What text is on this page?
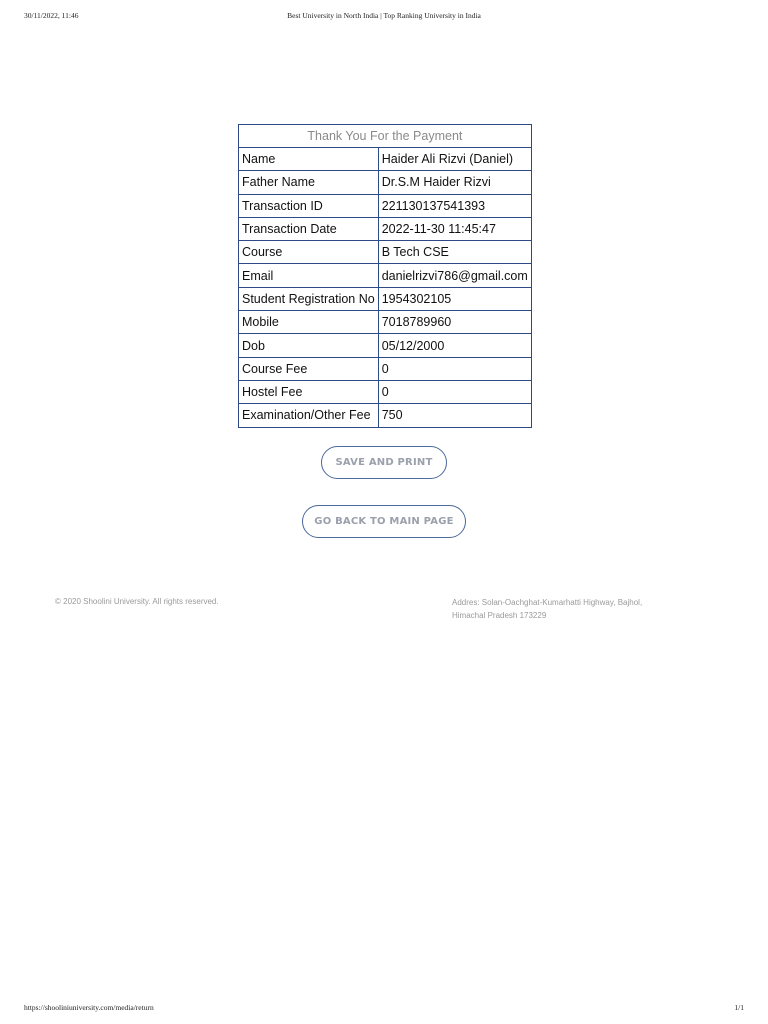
30/11/2022, 11:46	Best University in North India | Top Ranking University in India
Thank You For the Payment	
Name	Haider Ali Rizvi (Daniel)
Father Name	Dr.S.M Haider Rizvi
Transaction ID	221130137541393
Transaction Date	2022-11-30 11:45:47
Course	B Tech CSE
Email	danielrizvi786@gmail.com
Student Registration No	1954302105
Mobile	7018789960
Dob	05/12/2000
Course Fee	0
Hostel Fee	0
Examination/Other Fee	750
SAVE AND PRINT
GO BACK TO MAIN PAGE
© 2020 Shoolini University. All rights reserved.	Addres: Solan-Oachghat-Kumarhatti Highway, Bajhol,
Himachal Pradesh 173229
https://shooliniuniversity.com/media/return	1/1
